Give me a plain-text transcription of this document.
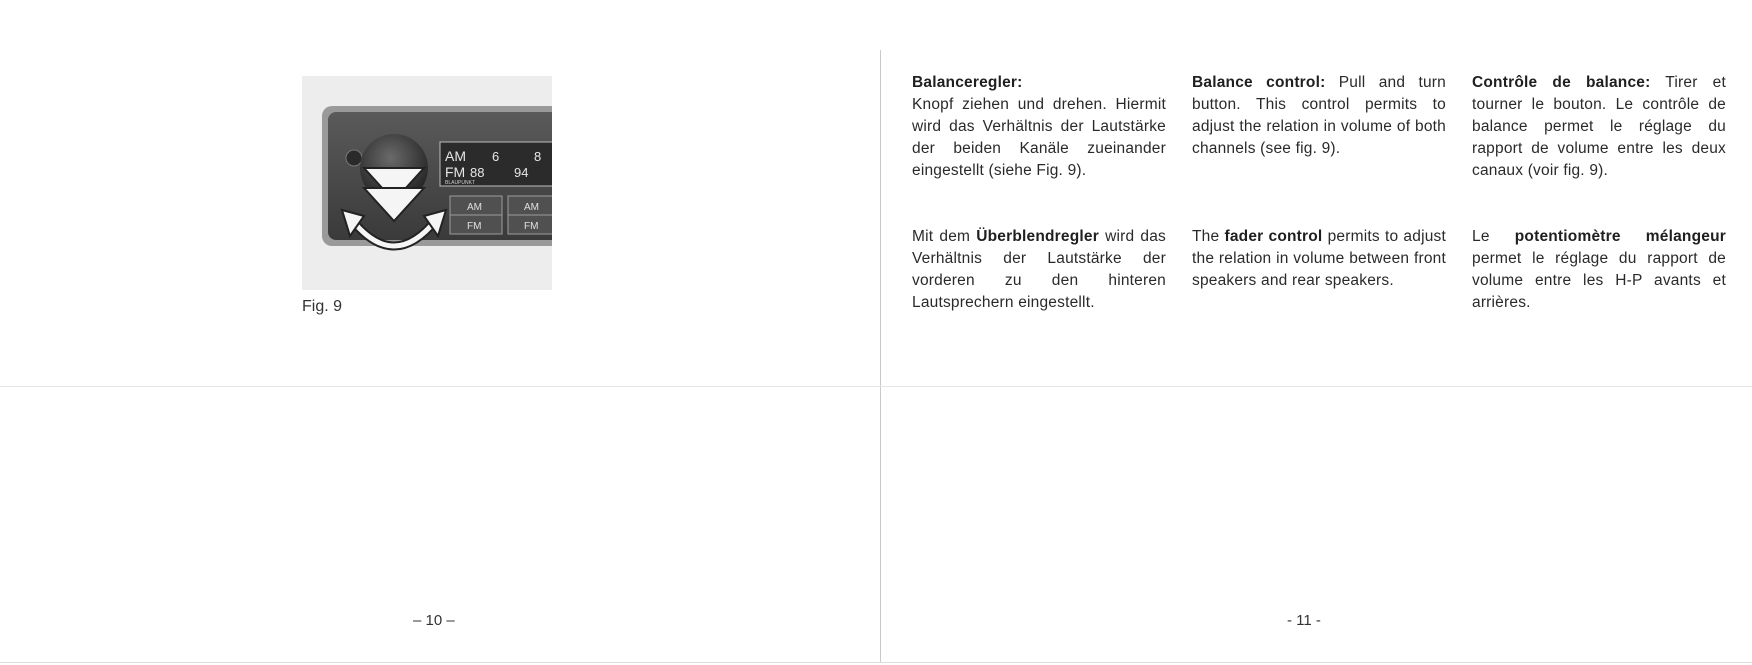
AM
FM
6	8
88 94
BLAUPUNKT
AM
FM
AM
FM
Fig. 9

Balanceregler:
Knopf ziehen und drehen. Hiermit wird das Verhältnis der Lautstärke der beiden Kanäle zueinander eingestellt (siehe Fig. 9).

Mit dem Überblendregler wird das Verhältnis der Lautstärke der vorderen zu den hinteren Lautsprechern eingestellt.

Balance control: Pull and turn button. This control permits to adjust the relation in volume of both channels (see fig. 9).

The fader control permits to adjust the relation in volume between front speakers and rear speakers.

Contrôle de balance: Tirer et tourner le bouton. Le contrôle de balance permet le réglage du rapport de volume entre les deux canaux (voir fig. 9).

Le potentiomètre mélangeur permet le réglage du rapport de volume entre les H-P avants et arrières.

– 10 –	- 11 -
